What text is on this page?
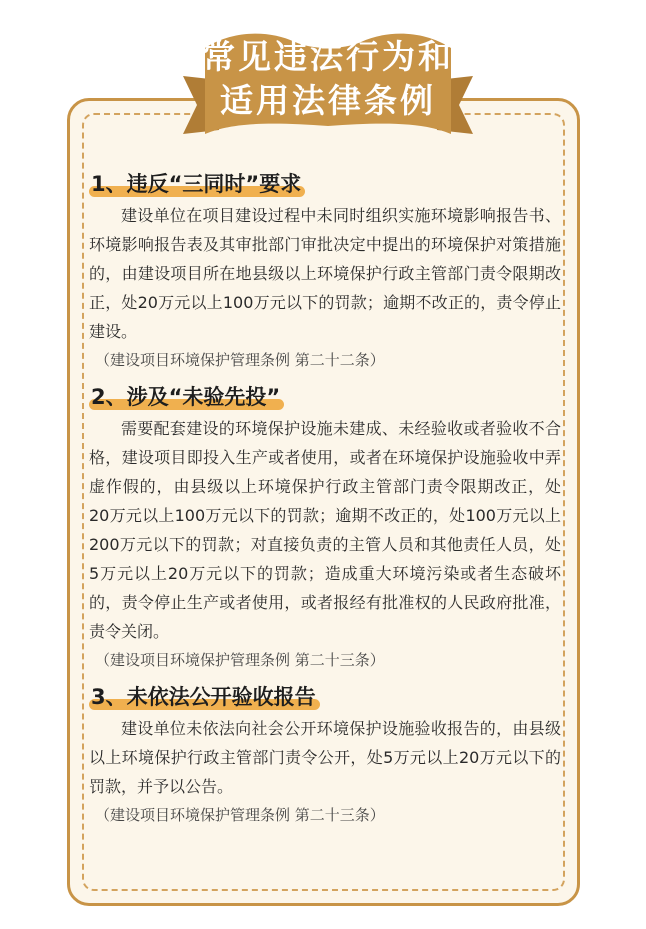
常见违法行为和
适用法律条例
1、违反“三同时”要求

建设单位在项目建设过程中未同时组织实施环境影响报告书、环境影响报告表及其审批部门审批决定中提出的环境保护对策措施的，由建设项目所在地县级以上环境保护行政主管部门责令限期改正，处20万元以上100万元以下的罚款；逾期不改正的，责令停止建设。

（建设项目环境保护管理条例 第二十二条）
2、涉及“未验先投”

需要配套建设的环境保护设施未建成、未经验收或者验收不合格，建设项目即投入生产或者使用，或者在环境保护设施验收中弄虚作假的，由县级以上环境保护行政主管部门责令限期改正，处 20万元以上100万元以下的罚款；逾期不改正的，处100万元以上200万元以下的罚款；对直接负责的主管人员和其他责任人员，处5万元以上20万元以下的罚款；造成重大环境污染或者生态破坏的，责令停止生产或者使用，或者报经有批准权的人民政府批准，责令关闭。

（建设项目环境保护管理条例 第二十三条）
3、未依法公开验收报告

建设单位未依法向社会公开环境保护设施验收报告的，由县级以上环境保护行政主管部门责令公开，处5万元以上20万元以下的罚款，并予以公告。

（建设项目环境保护管理条例 第二十三条）
